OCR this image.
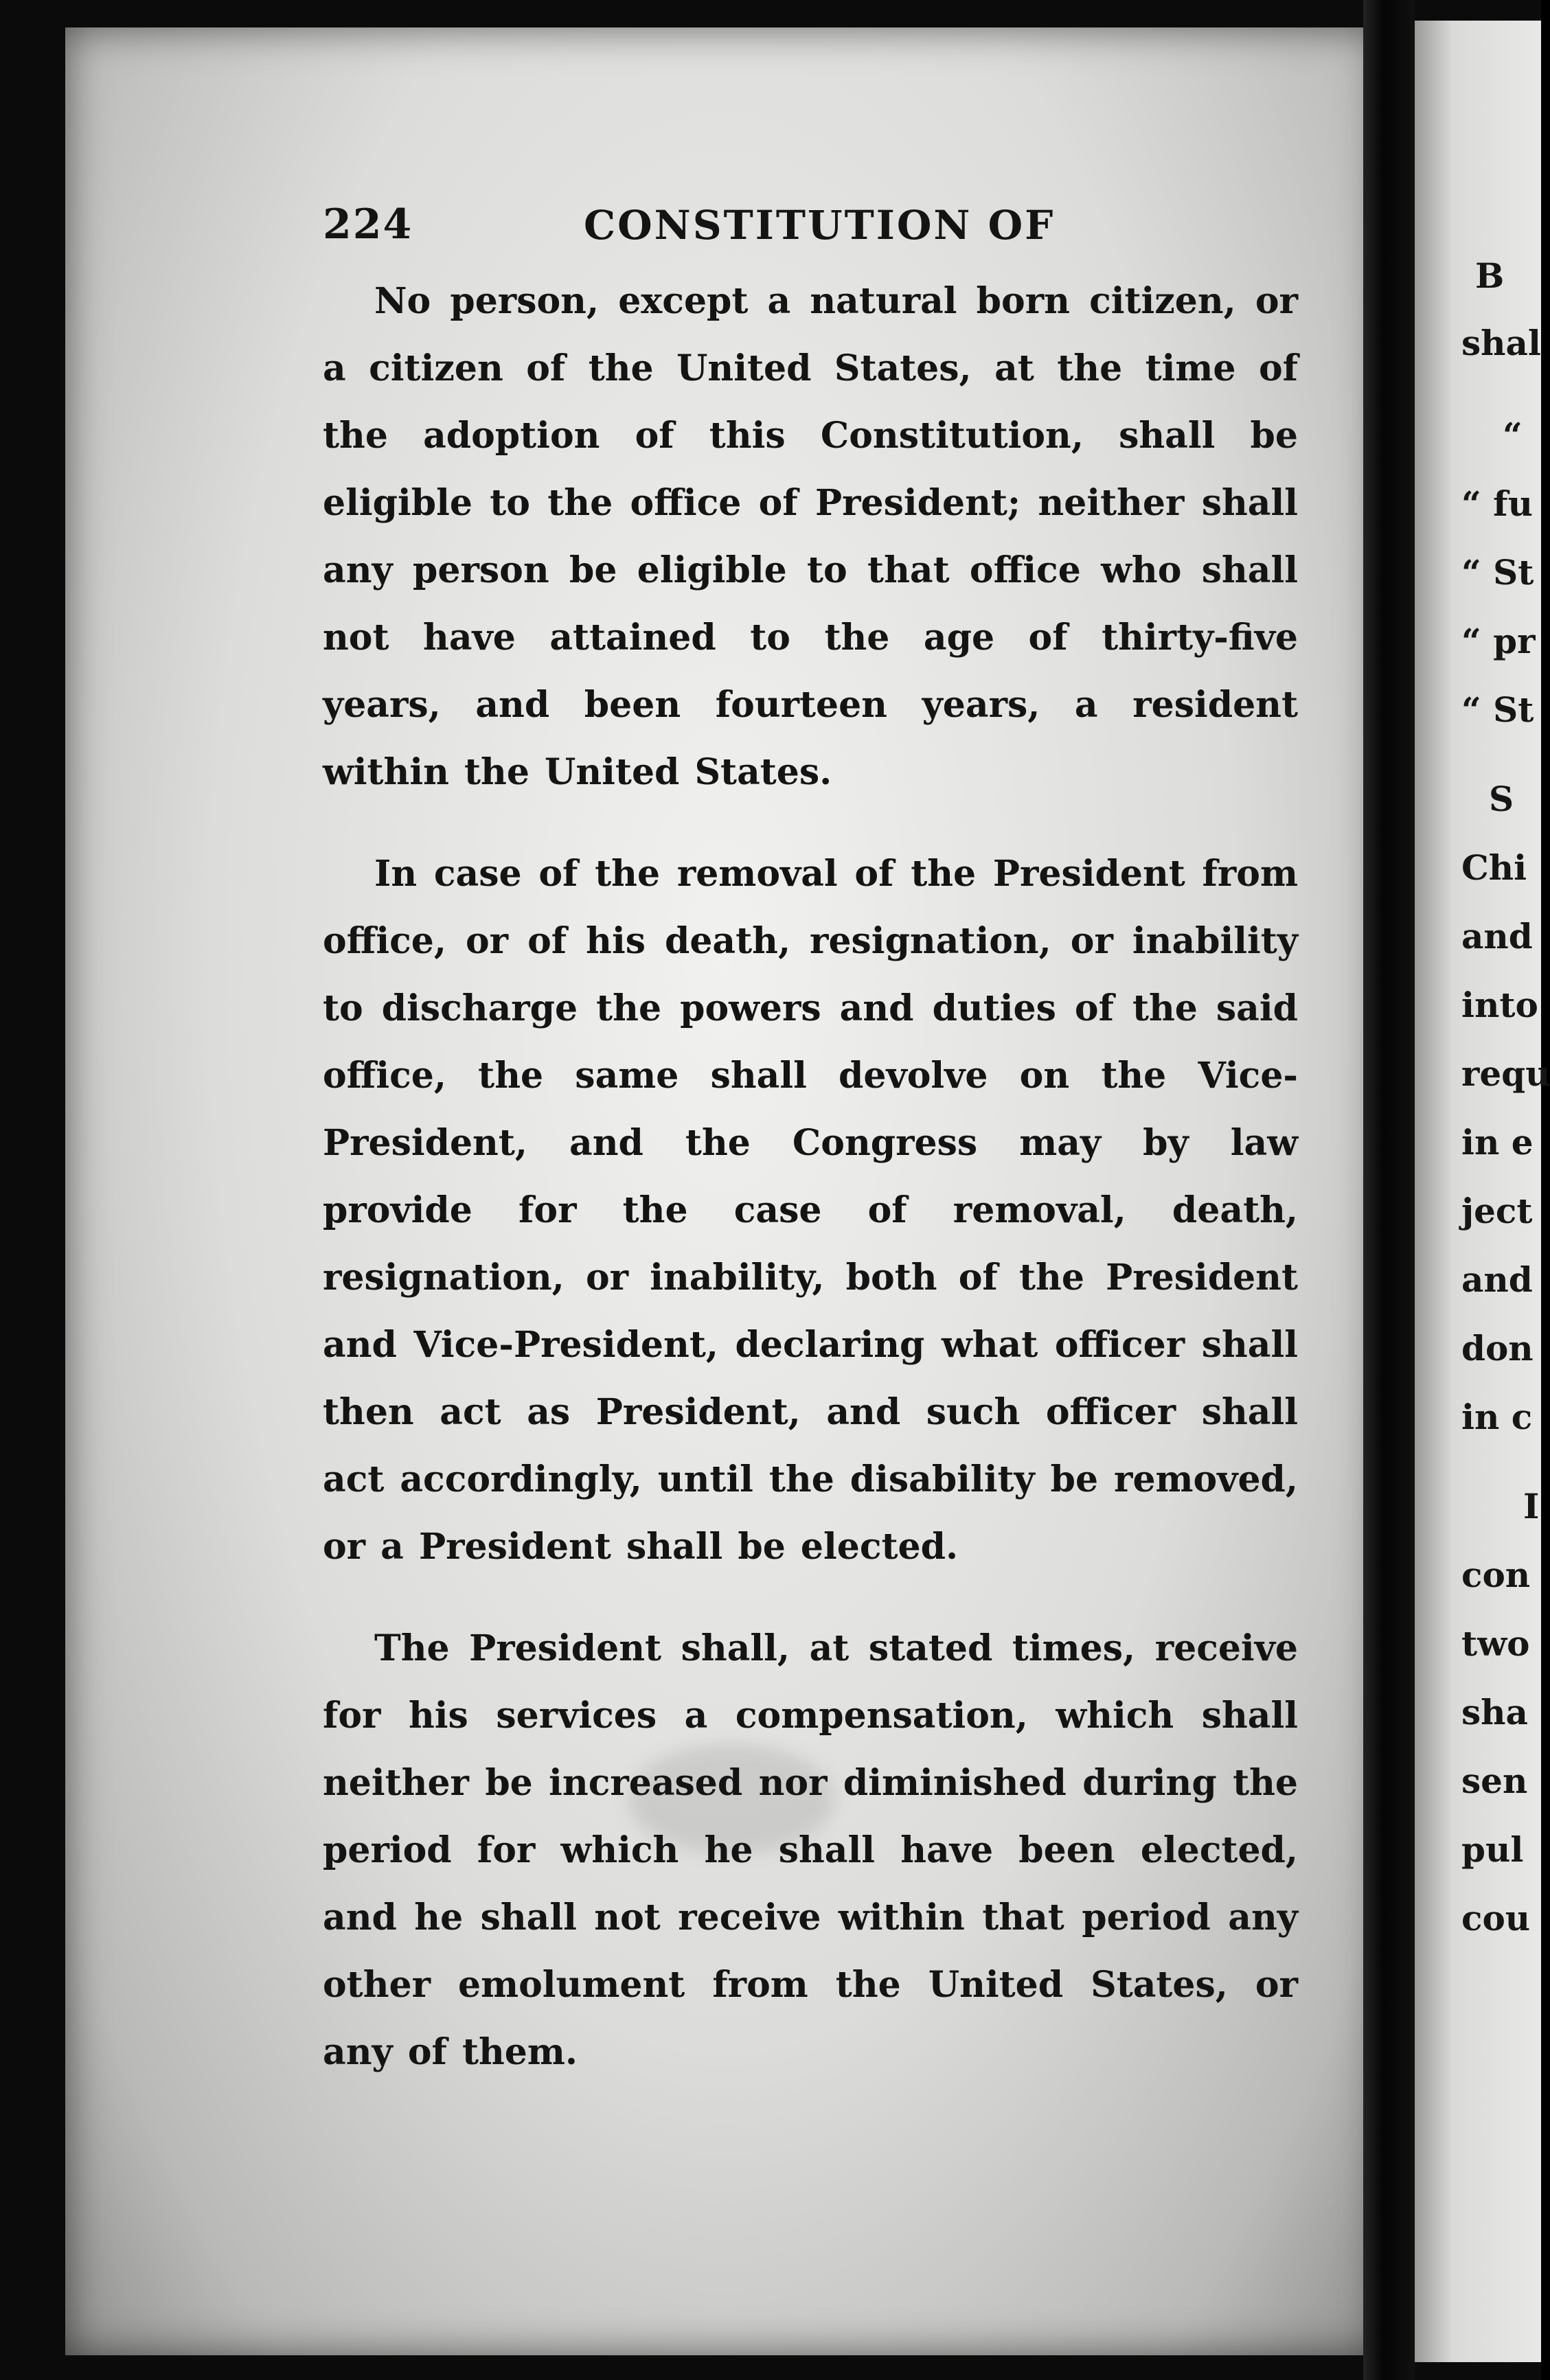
224	CONSTITUTION OF

No person, except a natural born citizen, or a citizen of the United States, at the time of the adoption of this Constitution, shall be eligible to the office of President; neither shall any person be eligible to that office who shall not have attained to the age of thirty-five years, and been fourteen years, a resident within the United States.

In case of the removal of the President from office, or of his death, resignation, or inability to discharge the powers and duties of the said office, the same shall devolve on the Vice-President, and the Congress may by law provide for the case of removal, death, resignation, or inability, both of the President and Vice-President, declaring what officer shall then act as President, and such officer shall act accordingly, until the disability be removed, or a President shall be elected.

The President shall, at stated times, receive for his services a compensation, which shall neither be increased nor diminished during the period for which he shall have been elected, and he shall not receive within that period any other emolument from the United States, or any of them.

B
shal
“
“ fu
“ St
“ pr
“ St
S
Chi
and
into
requ
in e
ject
and
don
in c
I
con
two
sha
sen
pul
cou
